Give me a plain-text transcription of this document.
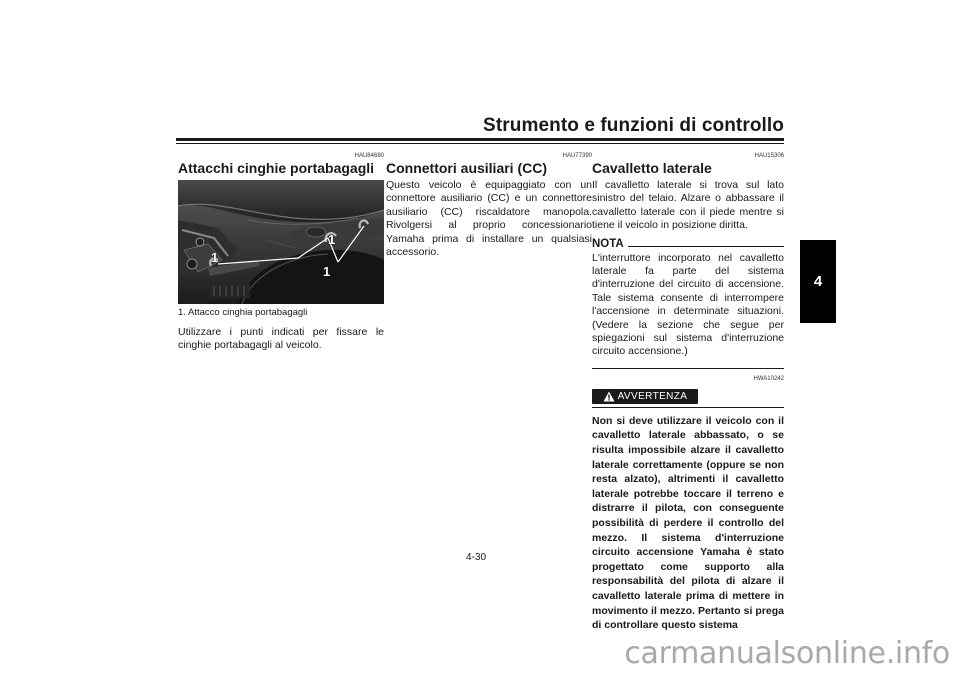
Strumento e funzioni di controllo
4
HAU84680
Attacchi cinghie portabagagli
1
1
1
1. Attacco cinghia portabagagli

Utilizzare i punti indicati per fissare le cinghie portabagagli al veicolo.

HAU77390
Connettori ausiliari (CC)

Questo veicolo è equipaggiato con un connettore ausiliario (CC) e un connettore ausiliario (CC) riscaldatore manopola. Rivolgersi al proprio concessionario Yamaha prima di installare un qualsiasi accessorio.

HAU15306
Cavalletto laterale

Il cavalletto laterale si trova sul lato sinistro del telaio. Alzare o abbassare il cavalletto laterale con il piede mentre si tiene il veicolo in posizione diritta.

NOTA

L'interruttore incorporato nel cavalletto laterale fa parte del sistema d'interruzione del circuito di accensione. Tale sistema consente di interrompere l'accensione in determinate situazioni. (Vedere la sezione che segue per spiegazioni sul sistema d'interruzione circuito accensione.)

HWA10242
AVVERTENZA

Non si deve utilizzare il veicolo con il cavalletto laterale abbassato, o se risulta impossibile alzare il cavalletto laterale correttamente (oppure se non resta alzato), altrimenti il cavalletto laterale potrebbe toccare il terreno e distrarre il pilota, con conseguente possibilità di perdere il controllo del mezzo. Il sistema d'interruzione circuito accensione Yamaha è stato progettato come supporto alla responsabilità del pilota di alzare il cavalletto laterale prima di mettere in movimento il mezzo. Pertanto si prega di controllare questo sistema

4-30
carmanualsonline.info
